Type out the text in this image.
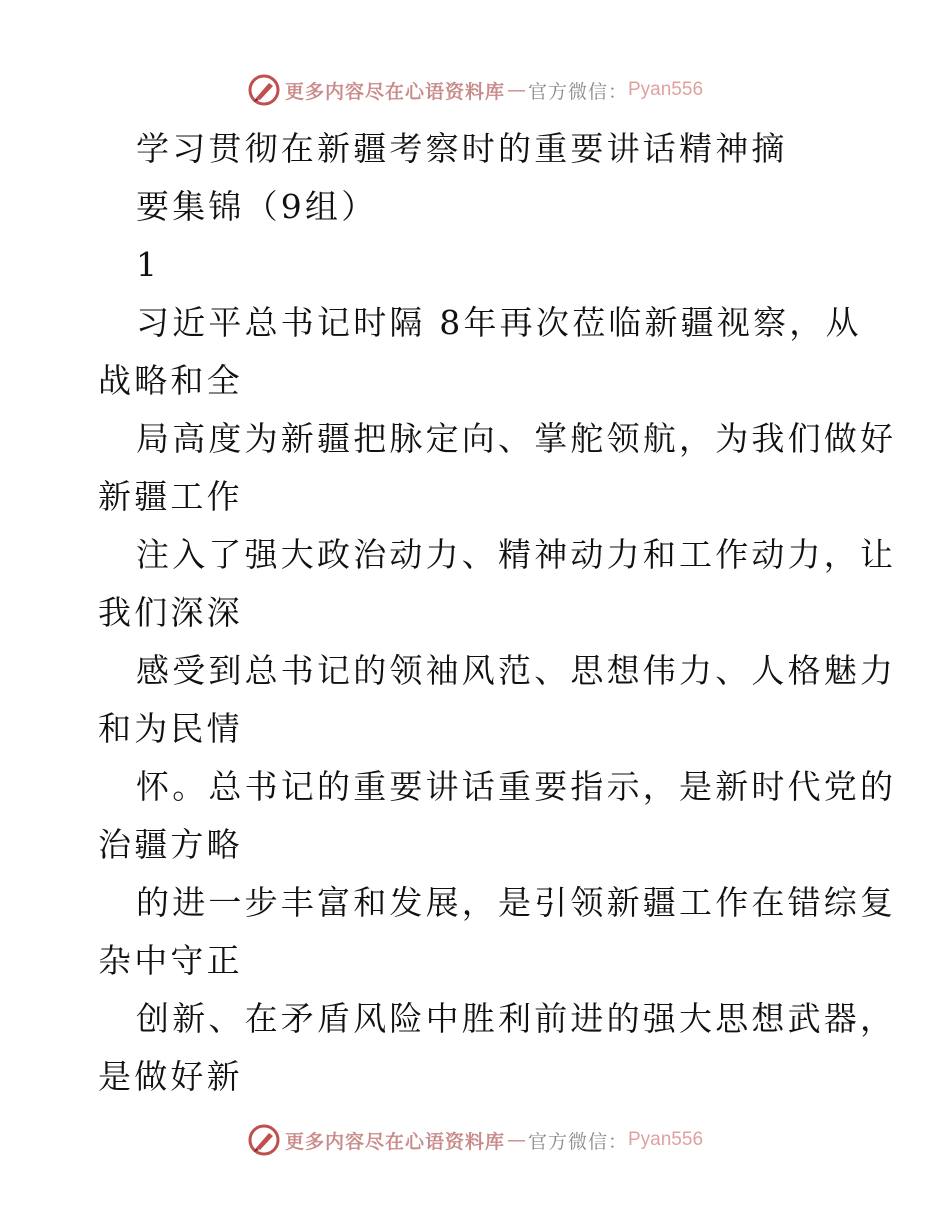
更多内容尽在心语资料库 — 官方微信： Pyan556
学习贯彻在新疆考察时的重要讲话精神摘
要集锦（9组）
1
习近平总书记时隔 8年再次莅临新疆视察，从
战略和全
局高度为新疆把脉定向、掌舵领航，为我们做好
新疆工作
注入了强大政治动力、精神动力和工作动力，让
我们深深
感受到总书记的领袖风范、思想伟力、人格魅力
和为民情
怀。总书记的重要讲话重要指示，是新时代党的
治疆方略
的进一步丰富和发展，是引领新疆工作在错综复
杂中守正
创新、在矛盾风险中胜利前进的强大思想武器，
是做好新
更多内容尽在心语资料库 — 官方微信： Pyan556
